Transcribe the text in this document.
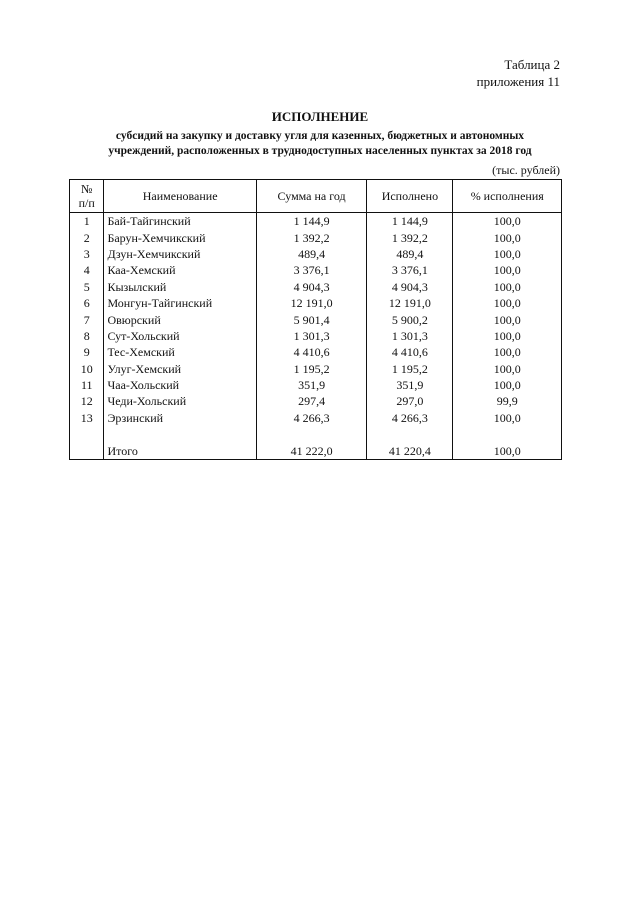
Таблица 2
приложения 11
ИСПОЛНЕНИЕ
субсидий на закупку и доставку угля для казенных, бюджетных и автономных
учреждений, расположенных в труднодоступных населенных пунктах за 2018 год
(тыс. рублей)
№
п/п	Наименование	Сумма на год	Исполнено	% исполнения
1	Бай-Тайгинский	1 144,9	1 144,9	100,0
2	Барун-Хемчикский	1 392,2	1 392,2	100,0
3	Дзун-Хемчикский	489,4	489,4	100,0
4	Каа-Хемский	3 376,1	3 376,1	100,0
5	Кызылский	4 904,3	4 904,3	100,0
6	Монгун-Тайгинский	12 191,0	12 191,0	100,0
7	Овюрский	5 901,4	5 900,2	100,0
8	Сут-Хольский	1 301,3	1 301,3	100,0
9	Тес-Хемский	4 410,6	4 410,6	100,0
10	Улуг-Хемский	1 195,2	1 195,2	100,0
11	Чаа-Хольский	351,9	351,9	100,0
12	Чеди-Хольский	297,4	297,0	99,9
13	Эрзинский	4 266,3	4 266,3	100,0

	Итого	41 222,0	41 220,4	100,0
